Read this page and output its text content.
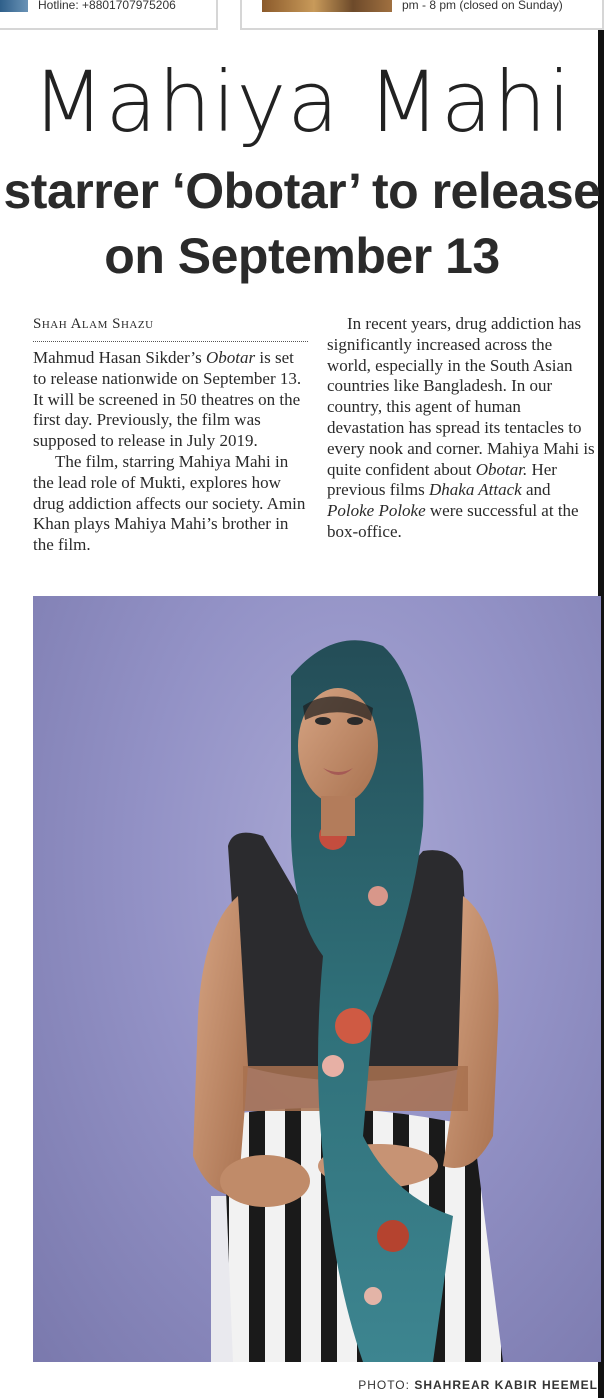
Hotline: +8801707975206	pm - 8 pm (closed on Sunday)
Mahiya Mahi
starrer ‘Obotar’ to release
on September 13
Shah Alam Shazu

Mahmud Hasan Sikder’s Obotar is set to release nationwide on September 13. It will be screened in 50 theatres on the first day. Previously, the film was supposed to release in July 2019.

The film, starring Mahiya Mahi in the lead role of Mukti, explores how drug addiction affects our society. Amin Khan plays Mahiya Mahi’s brother in the film.

In recent years, drug addiction has significantly increased across the world, especially in the South Asian countries like Bangladesh. In our country, this agent of human devastation has spread its tentacles to every nook and corner. Mahiya Mahi is quite confident about Obotar. Her previous films Dhaka Attack and Poloke Poloke were successful at the box-office.

PHOTO: SHAHREAR KABIR HEEMEL
